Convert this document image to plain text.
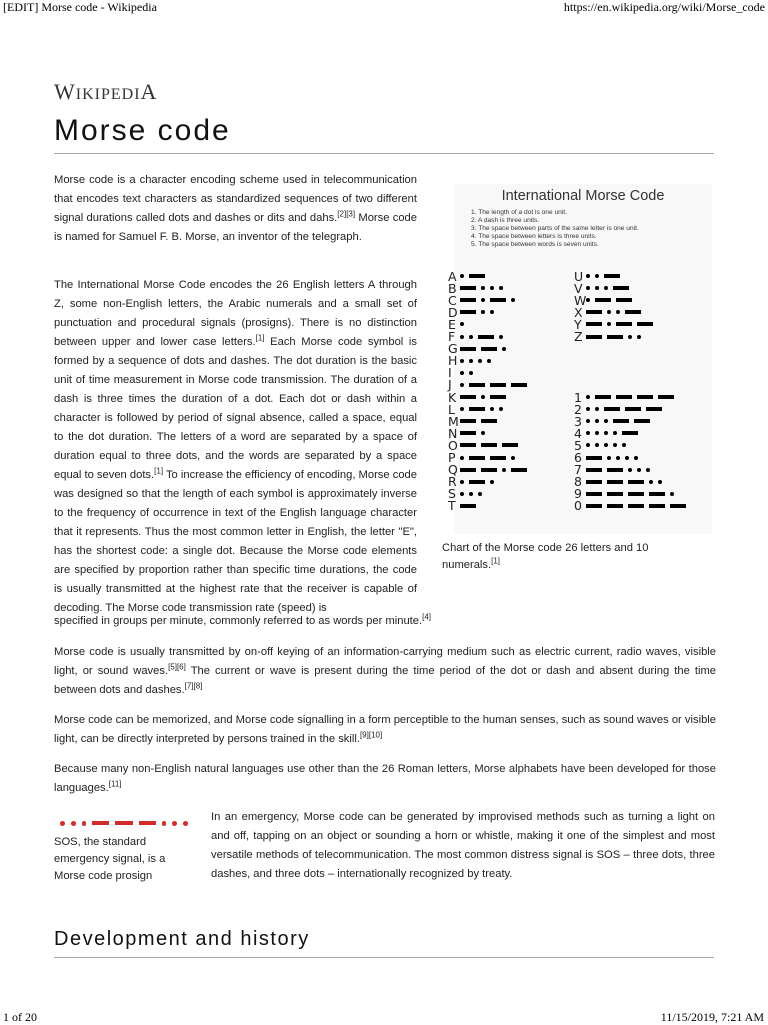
[EDIT] Morse code - Wikipedia	https://en.wikipedia.org/wiki/Morse_code
WIKIPEDIA
Morse code
Morse code is a character encoding scheme used in telecommunication that encodes text characters as standardized sequences of two different signal durations called dots and dashes or dits and dahs.[2][3] Morse code is named for Samuel F. B. Morse, an inventor of the telegraph.
The International Morse Code encodes the 26 English letters A through Z, some non-English letters, the Arabic numerals and a small set of punctuation and procedural signals (prosigns). There is no distinction between upper and lower case letters.[1] Each Morse code symbol is formed by a sequence of dots and dashes. The dot duration is the basic unit of time measurement in Morse code transmission. The duration of a dash is three times the duration of a dot. Each dot or dash within a character is followed by period of signal absence, called a space, equal to the dot duration. The letters of a word are separated by a space of duration equal to three dots, and the words are separated by a space equal to seven dots.[1] To increase the efficiency of encoding, Morse code was designed so that the length of each symbol is approximately inverse to the frequency of occurrence in text of the English language character that it represents. Thus the most common letter in English, the letter "E", has the shortest code: a single dot. Because the Morse code elements are specified by proportion rather than specific time durations, the code is usually transmitted at the highest rate that the receiver is capable of decoding. The Morse code transmission rate (speed) is
specified in groups per minute, commonly referred to as words per minute.[4]
International Morse Code
1. The length of a dot is one unit.
2. A dash is three units.
3. The space between parts of the same letter is one unit.
4. The space between letters is three units.
5. The space between words is seven units.
A
B
C
D
E
F
G
H
I
J
K
L
M
N
O
P
Q
R
S
T
U
V
W
X
Y
Z
1
2
3
4
5
6
7
8
9
0
Chart of the Morse code 26 letters and 10 numerals.[1]
Morse code is usually transmitted by on-off keying of an information-carrying medium such as electric current, radio waves, visible light, or sound waves.[5][6] The current or wave is present during the time period of the dot or dash and absent during the time between dots and dashes.[7][8]
Morse code can be memorized, and Morse code signalling in a form perceptible to the human senses, such as sound waves or visible light, can be directly interpreted by persons trained in the skill.[9][10]
Because many non-English natural languages use other than the 26 Roman letters, Morse alphabets have been developed for those languages.[11]
SOS, the standard emergency signal, is a Morse code prosign
In an emergency, Morse code can be generated by improvised methods such as turning a light on and off, tapping on an object or sounding a horn or whistle, making it one of the simplest and most versatile methods of telecommunication. The most common distress signal is SOS – three dots, three dashes, and three dots – internationally recognized by treaty.
Development and history
1 of 20	11/15/2019, 7:21 AM
